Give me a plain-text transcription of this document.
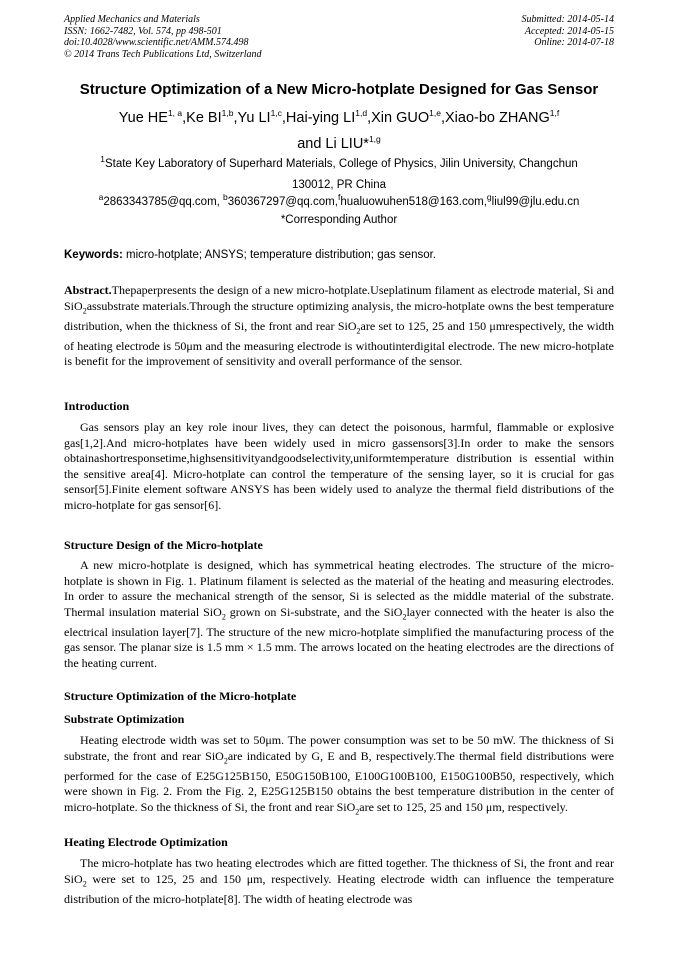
Applied Mechanics and Materials
ISSN: 1662-7482, Vol. 574, pp 498-501
doi:10.4028/www.scientific.net/AMM.574.498
© 2014 Trans Tech Publications Ltd, Switzerland
Submitted: 2014-05-14
Accepted: 2014-05-15
Online: 2014-07-18
Structure Optimization of a New Micro-hotplate Designed for Gas Sensor
Yue HE$^{1, a}$,Ke BI$^{1,b}$,Yu LI$^{1,c}$,Hai-ying LI$^{1,d}$,Xin GUO$^{1,e}$,Xiao-bo ZHANG$^{1,f}$
and Li LIU*$^{1,g}$
$^1$State Key Laboratory of Superhard Materials, College of Physics, Jilin University, Changchun
130012, PR China
$^a$2863343785@qq.com, $^b$360367297@qq.com,$^f$hualuowuhen518@163.com,$^g$liul99@jlu.edu.cn
*Corresponding Author
Keywords: micro-hotplate; ANSYS; temperature distribution; gas sensor.
Abstract.Thepaperpresents the design of a new micro-hotplate.Useplatinum filament as electrode material, Si and SiO$_2$assubstrate materials.Through the structure optimizing analysis, the micro-hotplate owns the best temperature distribution, when the thickness of Si, the front and rear SiO$_2$are set to 125, 25 and 150 μmrespectively, the width of heating electrode is 50μm and the measuring electrode is withoutinterdigital electrode. The new micro-hotplate is benefit for the improvement of sensitivity and overall performance of the sensor.
Introduction
Gas sensors play an key role inour lives, they can detect the poisonous, harmful, flammable or explosive gas[1,2].And micro-hotplates have been widely used in micro gassensors[3].In order to make the sensors obtainashortresponsetime,highsensitivityandgoodselectivity,uniformtemperature distribution is essential within the sensitive area[4]. Micro-hotplate can control the temperature of the sensing layer, so it is crucial for gas sensor[5].Finite element software ANSYS has been widely used to analyze the thermal field distributions of the micro-hotplate for gas sensor[6].
Structure Design of the Micro-hotplate
A new micro-hotplate is designed, which has symmetrical heating electrodes. The structure of the micro-hotplate is shown in Fig. 1. Platinum filament is selected as the material of the heating and measuring electrodes. In order to assure the mechanical strength of the sensor, Si is selected as the middle material of the substrate. Thermal insulation material SiO$_2$ grown on Si-substrate, and the SiO$_2$layer connected with the heater is also the electrical insulation layer[7]. The structure of the new micro-hotplate simplified the manufacturing process of the gas sensor. The planar size is 1.5 mm × 1.5 mm. The arrows located on the heating electrodes are the directions of the heating current.
Structure Optimization of the Micro-hotplate
Substrate Optimization
Heating electrode width was set to 50μm. The power consumption was set to be 50 mW. The thickness of Si substrate, the front and rear SiO$_2$are indicated by G, E and B, respectively.The thermal field distributions were performed for the case of E25G125B150, E50G150B100, E100G100B100, E150G100B50, respectively, which were shown in Fig. 2. From the Fig. 2, E25G125B150 obtains the best temperature distribution in the center of micro-hotplate. So the thickness of Si, the front and rear SiO$_2$are set to 125, 25 and 150 μm, respectively.
Heating Electrode Optimization
The micro-hotplate has two heating electrodes which are fitted together. The thickness of Si, the front and rear SiO$_2$ were set to 125, 25 and 150 μm, respectively. Heating electrode width can influence the temperature distribution of the micro-hotplate[8]. The width of heating electrode was
